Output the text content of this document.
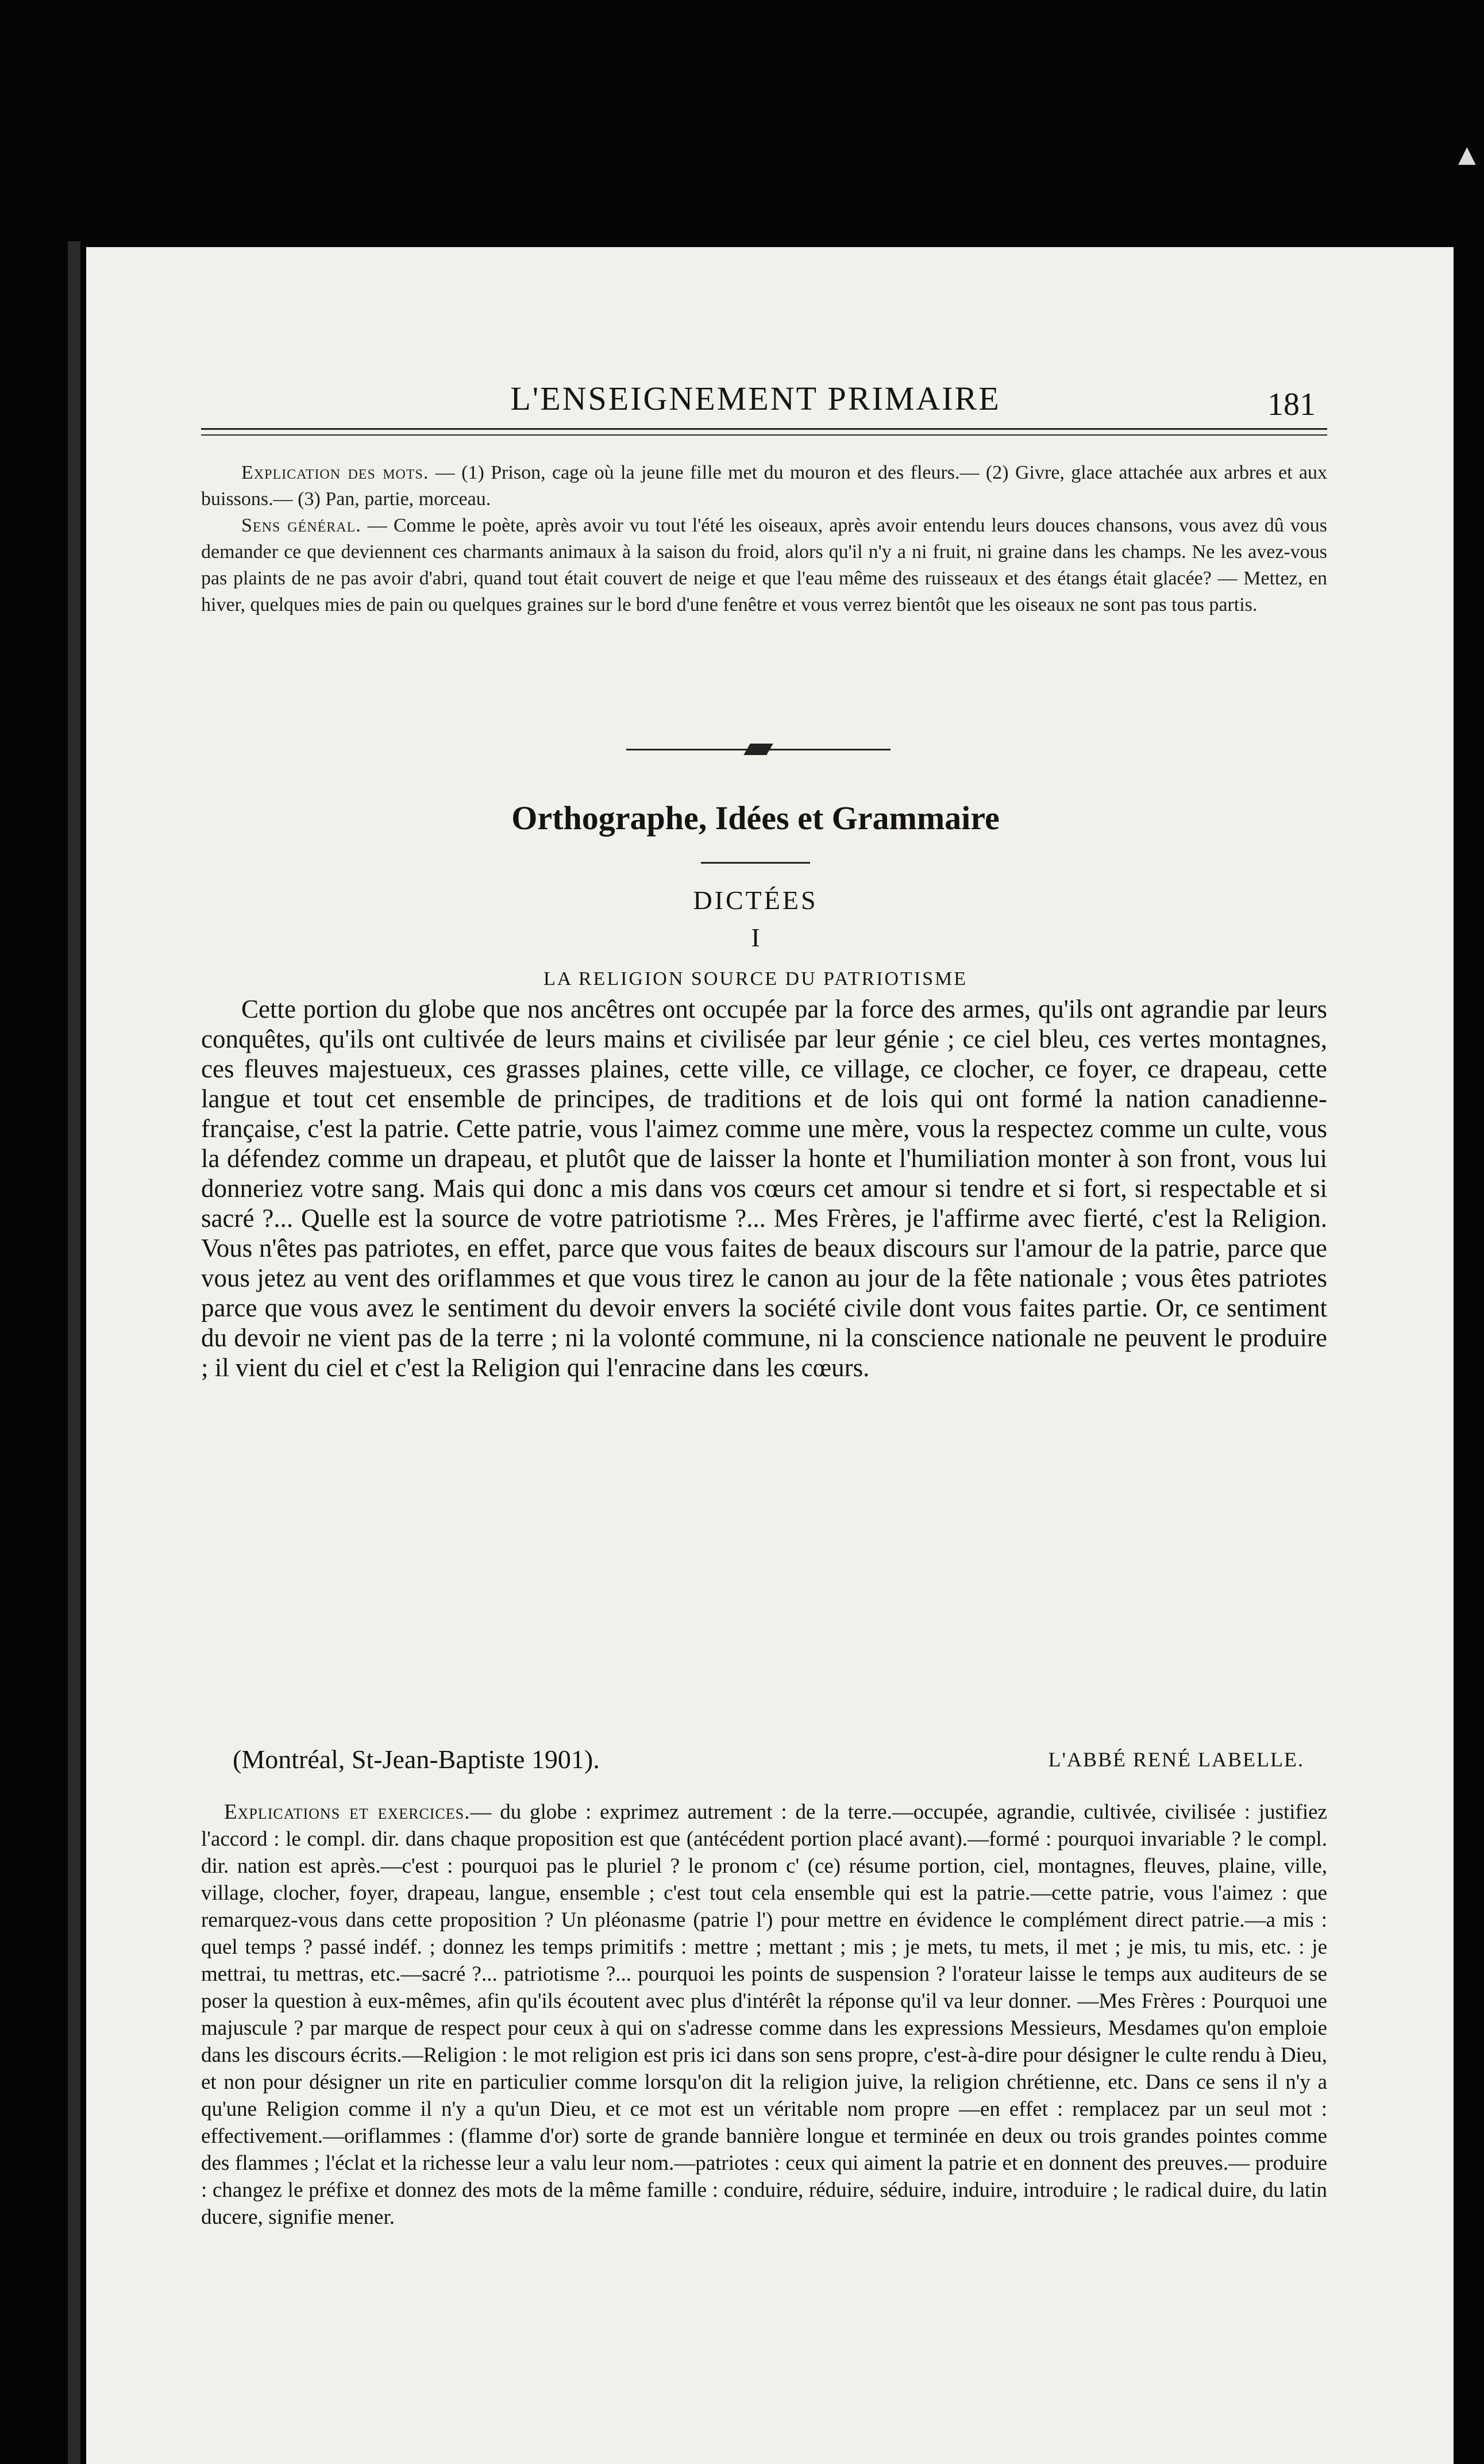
▲
L'ENSEIGNEMENT PRIMAIRE	181

Explication des mots. — (1) Prison, cage où la jeune fille met du mouron et des fleurs.— (2) Givre, glace attachée aux arbres et aux buissons.— (3) Pan, partie, morceau.

Sens général. — Comme le poète, après avoir vu tout l'été les oiseaux, après avoir entendu leurs douces chansons, vous avez dû vous demander ce que deviennent ces charmants animaux à la saison du froid, alors qu'il n'y a ni fruit, ni graine dans les champs. Ne les avez-vous pas plaints de ne pas avoir d'abri, quand tout était couvert de neige et que l'eau même des ruisseaux et des étangs était glacée? — Mettez, en hiver, quelques mies de pain ou quelques graines sur le bord d'une fenêtre et vous verrez bientôt que les oiseaux ne sont pas tous partis.

Orthographe, Idées et Grammaire
DICTÉES
I
LA RELIGION SOURCE DU PATRIOTISME

Cette portion du globe que nos ancêtres ont occupée par la force des armes, qu'ils ont agrandie par leurs conquêtes, qu'ils ont cultivée de leurs mains et civilisée par leur génie ; ce ciel bleu, ces vertes montagnes, ces fleuves majestueux, ces grasses plaines, cette ville, ce village, ce clocher, ce foyer, ce drapeau, cette langue et tout cet ensemble de principes, de traditions et de lois qui ont formé la nation canadienne-française, c'est la patrie. Cette patrie, vous l'aimez comme une mère, vous la respectez comme un culte, vous la défendez comme un drapeau, et plutôt que de laisser la honte et l'humiliation monter à son front, vous lui donneriez votre sang. Mais qui donc a mis dans vos cœurs cet amour si tendre et si fort, si respectable et si sacré ?... Quelle est la source de votre patriotisme ?... Mes Frères, je l'affirme avec fierté, c'est la Religion. Vous n'êtes pas patriotes, en effet, parce que vous faites de beaux discours sur l'amour de la patrie, parce que vous jetez au vent des oriflammes et que vous tirez le canon au jour de la fête nationale ; vous êtes patriotes parce que vous avez le sentiment du devoir envers la société civile dont vous faites partie. Or, ce sentiment du devoir ne vient pas de la terre ; ni la volonté commune, ni la conscience nationale ne peuvent le produire ; il vient du ciel et c'est la Religion qui l'enracine dans les cœurs.

(Montréal, St-Jean-Baptiste 1901).	L'ABBÉ RENÉ LABELLE.

Explications et exercices.— du globe : exprimez autrement : de la terre.—occupée, agrandie, cultivée, civilisée : justifiez l'accord : le compl. dir. dans chaque proposition est que (antécédent portion placé avant).—formé : pourquoi invariable ? le compl. dir. nation est après.—c'est : pourquoi pas le pluriel ? le pronom c' (ce) résume portion, ciel, montagnes, fleuves, plaine, ville, village, clocher, foyer, drapeau, langue, ensemble ; c'est tout cela ensemble qui est la patrie.—cette patrie, vous l'aimez : que remarquez-vous dans cette proposition ? Un pléonasme (patrie l') pour mettre en évidence le complément direct patrie.—a mis : quel temps ? passé indéf. ; donnez les temps primitifs : mettre ; mettant ; mis ; je mets, tu mets, il met ; je mis, tu mis, etc. : je mettrai, tu mettras, etc.—sacré ?... patriotisme ?... pourquoi les points de suspension ? l'orateur laisse le temps aux auditeurs de se poser la question à eux-mêmes, afin qu'ils écoutent avec plus d'intérêt la réponse qu'il va leur donner. —Mes Frères : Pourquoi une majuscule ? par marque de respect pour ceux à qui on s'adresse comme dans les expressions Messieurs, Mesdames qu'on emploie dans les discours écrits.—Religion : le mot religion est pris ici dans son sens propre, c'est-à-dire pour désigner le culte rendu à Dieu, et non pour désigner un rite en particulier comme lorsqu'on dit la religion juive, la religion chrétienne, etc. Dans ce sens il n'y a qu'une Religion comme il n'y a qu'un Dieu, et ce mot est un véritable nom propre —en effet : remplacez par un seul mot : effectivement.—oriflammes : (flamme d'or) sorte de grande bannière longue et terminée en deux ou trois grandes pointes comme des flammes ; l'éclat et la richesse leur a valu leur nom.—patriotes : ceux qui aiment la patrie et en donnent des preuves.— produire : changez le préfixe et donnez des mots de la même famille : conduire, réduire, séduire, induire, introduire ; le radical duire, du latin ducere, signifie mener.
